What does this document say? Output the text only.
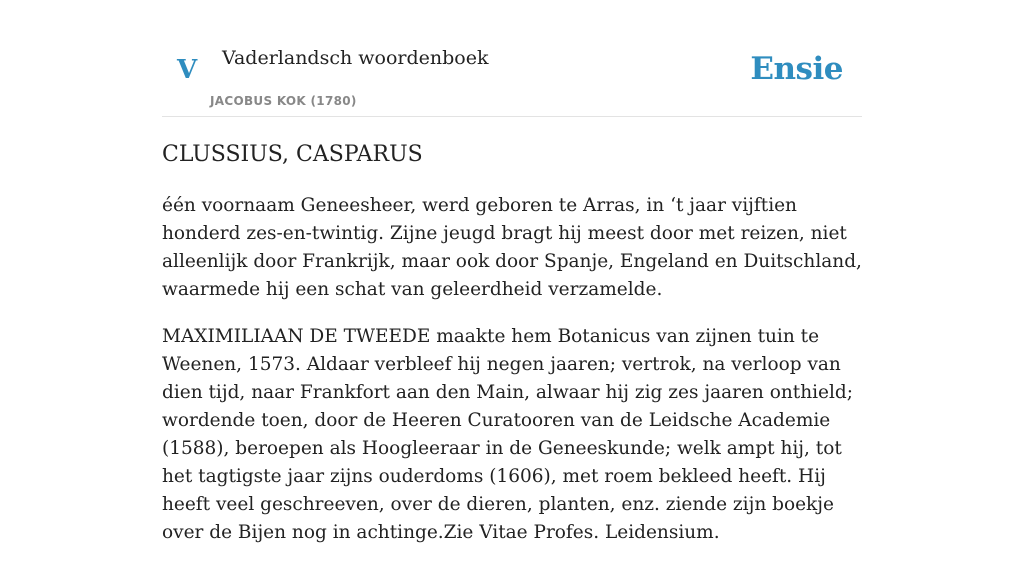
V Vaderlandsch woordenboek
JACOBUS KOK (1780)
Ensie
CLUSSIUS, CASPARUS

één voornaam Geneesheer, werd geboren te Arras, in ‘t jaar vijftien honderd zes-en-twintig. Zijne jeugd bragt hij meest door met reizen, niet alleenlijk door Frankrijk, maar ook door Spanje, Engeland en Duitschland, waarmede hij een schat van geleerdheid verzamelde.

MAXIMILIAAN DE TWEEDE maakte hem Botanicus van zijnen tuin te Weenen, 1573. Aldaar verbleef hij negen jaaren; vertrok, na verloop van dien tijd, naar Frankfort aan den Main, alwaar hij zig zes jaaren onthield; wordende toen, door de Heeren Curatooren van de Leidsche Academie (1588), beroepen als Hoogleeraar in de Geneeskunde; welk ampt hij, tot het tagtigste jaar zijns ouderdoms (1606), met roem bekleed heeft. Hij heeft veel geschreeven, over de dieren, planten, enz. ziende zijn boekje over de Bijen nog in achtinge.Zie Vitae Profes. Leidensium.
